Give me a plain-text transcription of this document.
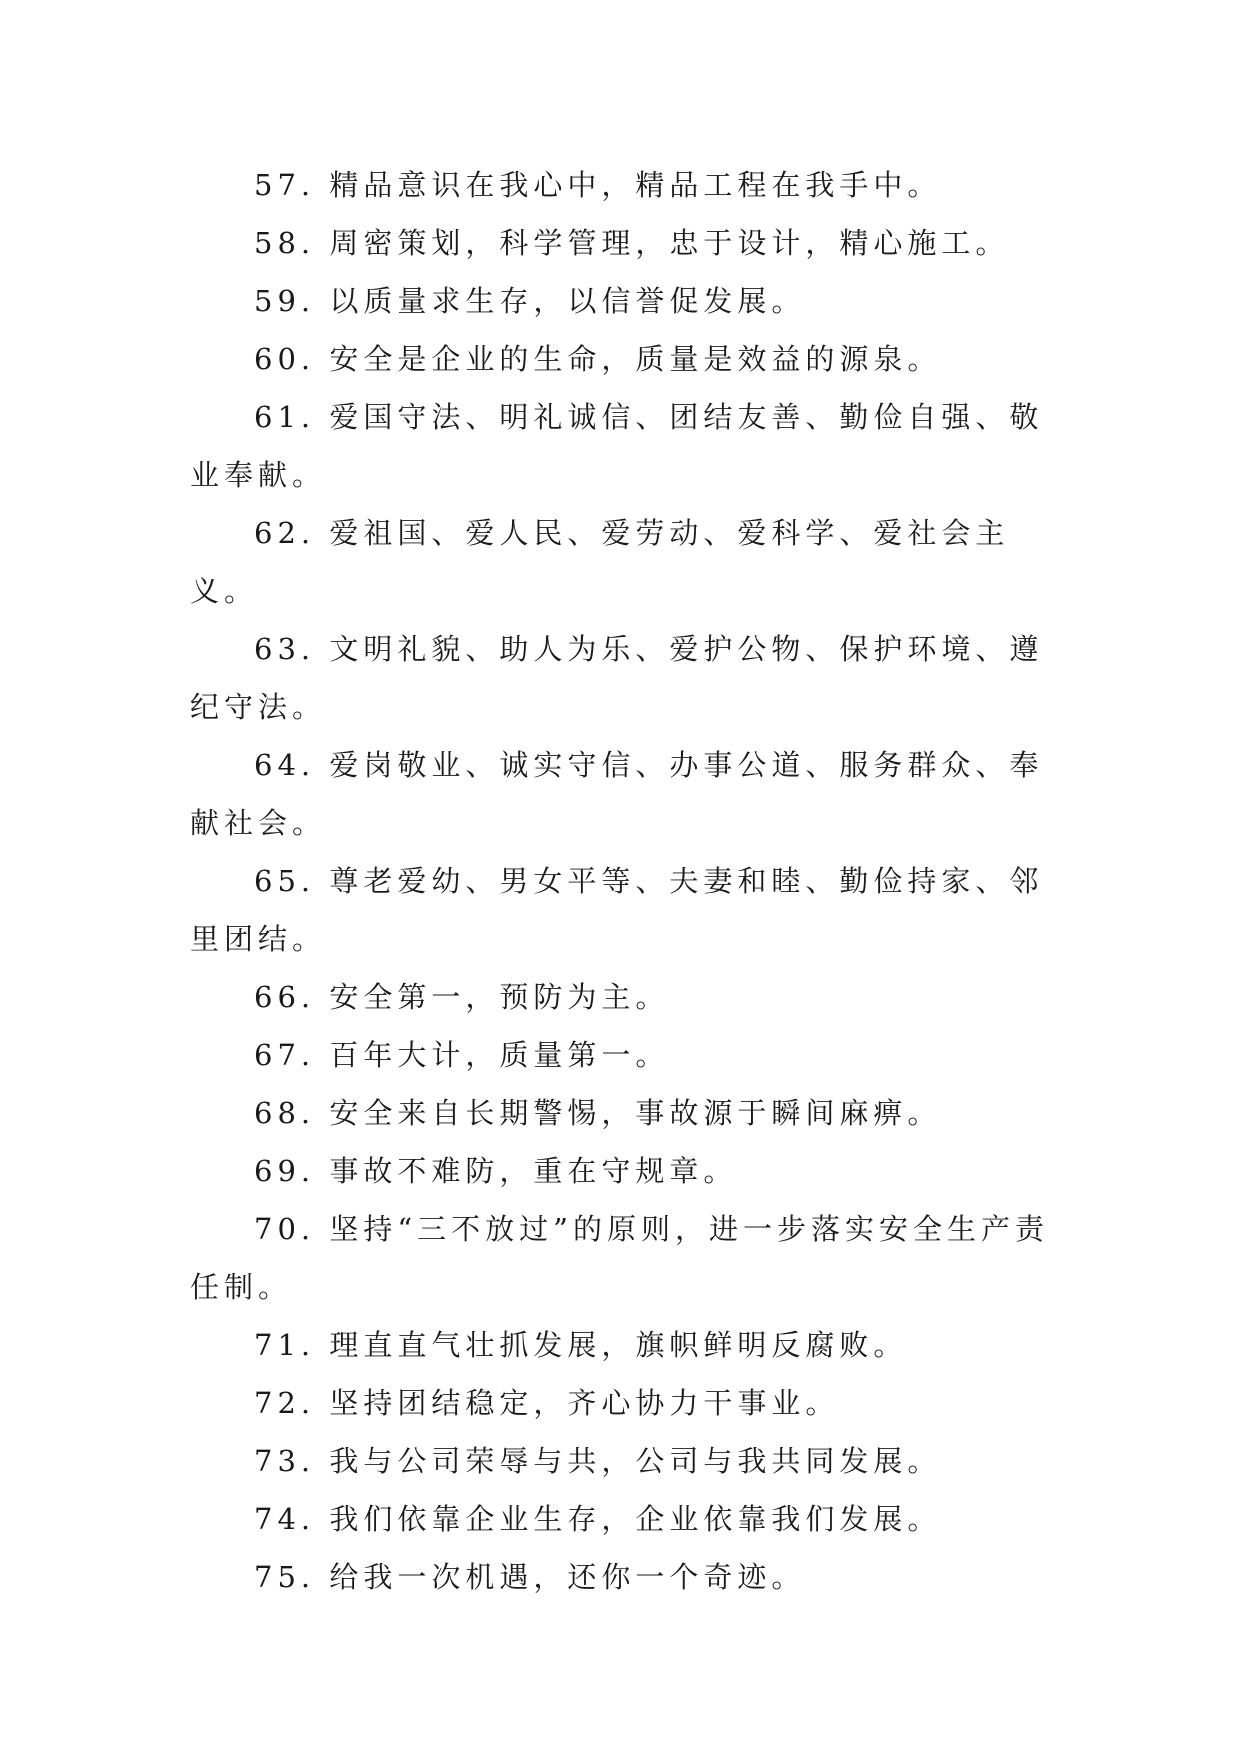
57. 精品意识在我心中，精品工程在我手中。

58. 周密策划，科学管理，忠于设计，精心施工。

59. 以质量求生存，以信誉促发展。

60. 安全是企业的生命，质量是效益的源泉。

61. 爱国守法、明礼诚信、团结友善、勤俭自强、敬业奉献。

62. 爱祖国、爱人民、爱劳动、爱科学、爱社会主义。

63. 文明礼貌、助人为乐、爱护公物、保护环境、遵纪守法。

64. 爱岗敬业、诚实守信、办事公道、服务群众、奉献社会。

65. 尊老爱幼、男女平等、夫妻和睦、勤俭持家、邻里团结。

66. 安全第一，预防为主。

67. 百年大计，质量第一。

68. 安全来自长期警惕，事故源于瞬间麻痹。

69. 事故不难防，重在守规章。

70. 坚持“三不放过”的原则，进一步落实安全生产责任制。

71. 理直直气壮抓发展，旗帜鲜明反腐败。

72. 坚持团结稳定，齐心协力干事业。

73. 我与公司荣辱与共，公司与我共同发展。

74. 我们依靠企业生存，企业依靠我们发展。

75. 给我一次机遇，还你一个奇迹。
